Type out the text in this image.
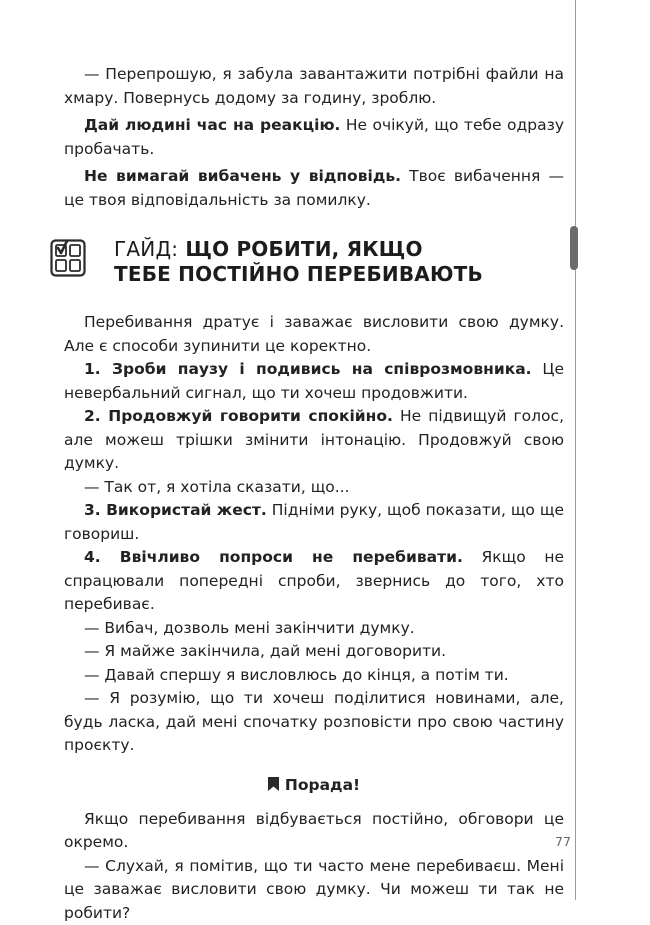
— Перепрошую, я забула завантажити потрібні файли на хмару. Повернусь додому за годину, зроблю.

Дай людині час на реакцію. Не очікуй, що тебе одразу пробачать.

Не вимагай вибачень у відповідь. Твоє вибачення — це твоя відповідальність за помилку.

ГАЙД: ЩО РОБИТИ, ЯКЩО
ТЕБЕ ПОСТІЙНО ПЕРЕБИВАЮТЬ

Перебивання дратує і заважає висловити свою думку. Але є способи зупинити це коректно.

1. Зроби паузу і подивись на співрозмовника. Це невербальний сигнал, що ти хочеш продовжити.

2. Продовжуй говорити спокійно. Не підвищуй голос, але можеш трішки змінити інтонацію. Продовжуй свою думку.

— Так от, я хотіла сказати, що...

3. Використай жест. Підніми руку, щоб показати, що ще говориш.

4. Ввічливо попроси не перебивати. Якщо не спрацювали попередні спроби, звернись до того, хто перебиває.

— Вибач, дозволь мені закінчити думку.

— Я майже закінчила, дай мені договорити.

— Давай спершу я висловлюсь до кінця, а потім ти.

— Я розумію, що ти хочеш поділитися новинами, але, будь ласка, дай мені спочатку розповісти про свою частину проєкту.

Порада!

Якщо перебивання відбувається постійно, обговори це окремо.

— Слухай, я помітив, що ти часто мене перебиваєш. Мені це заважає висловити свою думку. Чи можеш ти так не робити?

77
